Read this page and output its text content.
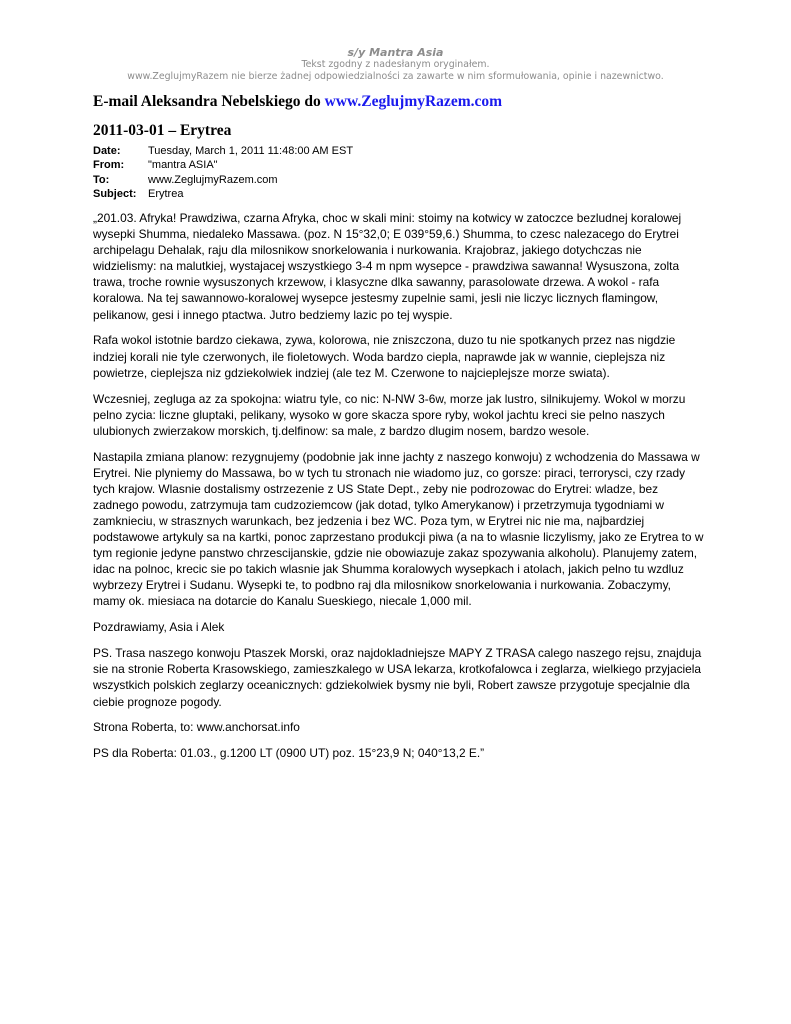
s/y Mantra Asia
Tekst zgodny z nadesłanym oryginałem.
www.ZeglujmyRazem nie bierze żadnej odpowiedzialności za zawarte w nim sformułowania, opinie i nazewnictwo.
E-mail Aleksandra Nebelskiego do www.ZeglujmyRazem.com
2011-03-01 – Erytrea
Date:	Tuesday, March 1, 2011 11:48:00 AM EST
From:	"mantra ASIA"
To:	www.ZeglujmyRazem.com
Subject:	Erytrea

„201.03. Afryka! Prawdziwa, czarna Afryka, choc w skali mini: stoimy na kotwicy w zatoczce bezludnej koralowej wysepki Shumma, niedaleko Massawa. (poz. N 15°32,0; E 039°59,6.) Shumma, to czesc nalezacego do Erytrei archipelagu Dehalak, raju dla milosnikow snorkelowania i nurkowania. Krajobraz, jakiego dotychczas nie widzielismy: na malutkiej, wystajacej wszystkiego 3-4 m npm wysepce - prawdziwa sawanna! Wysuszona, zolta trawa, troche rownie wysuszonych krzewow, i klasyczne dlka sawanny, parasolowate drzewa. A wokol - rafa koralowa. Na tej sawannowo-koralowej wysepce jestesmy zupelnie sami, jesli nie liczyc licznych flamingow, pelikanow, gesi i innego ptactwa. Jutro bedziemy lazic po tej wyspie.

Rafa wokol istotnie bardzo ciekawa, zywa, kolorowa, nie zniszczona, duzo tu nie spotkanych przez nas nigdzie indziej korali nie tyle czerwonych, ile fioletowych. Woda bardzo ciepla, naprawde jak w wannie, cieplejsza niz powietrze, cieplejsza niz gdziekolwiek indziej (ale tez M. Czerwone to najcieplejsze morze swiata).

Wczesniej, zegluga az za spokojna: wiatru tyle, co nic: N-NW 3-6w, morze jak lustro, silnikujemy. Wokol w morzu pelno zycia: liczne gluptaki, pelikany, wysoko w gore skacza spore ryby, wokol jachtu kreci sie pelno naszych ulubionych zwierzakow morskich, tj.delfinow: sa male, z bardzo dlugim nosem, bardzo wesole.

Nastapila zmiana planow: rezygnujemy (podobnie jak inne jachty z naszego konwoju) z wchodzenia do Massawa w Erytrei. Nie plyniemy do Massawa, bo w tych tu stronach nie wiadomo juz, co gorsze: piraci, terrorysci, czy rzady tych krajow. Wlasnie dostalismy ostrzezenie z US State Dept., zeby nie podrozowac do Erytrei: wladze, bez zadnego powodu, zatrzymuja tam cudzoziemcow (jak dotad, tylko Amerykanow) i przetrzymuja tygodniami w zamknieciu, w strasznych warunkach, bez jedzenia i bez WC. Poza tym, w Erytrei nic nie ma, najbardziej podstawowe artykuly sa na kartki, ponoc zaprzestano produkcji piwa (a na to wlasnie liczylismy, jako ze Erytrea to w tym regionie jedyne panstwo chrzescijanskie, gdzie nie obowiazuje zakaz spozywania alkoholu). Planujemy zatem, idac na polnoc, krecic sie po takich wlasnie jak Shumma koralowych wysepkach i atolach, jakich pelno tu wzdluz wybrzezy Erytrei i Sudanu. Wysepki te, to podbno raj dla milosnikow snorkelowania i nurkowania. Zobaczymy, mamy ok. miesiaca na dotarcie do Kanalu Sueskiego, niecale 1,000 mil.

Pozdrawiamy, Asia i Alek

PS. Trasa naszego konwoju Ptaszek Morski, oraz najdokladniejsze MAPY Z TRASA calego naszego rejsu, znajduja sie na stronie Roberta Krasowskiego, zamieszkalego w USA lekarza, krotkofalowca i zeglarza, wielkiego przyjaciela wszystkich polskich zeglarzy oceanicznych: gdziekolwiek bysmy nie byli, Robert zawsze przygotuje specjalnie dla ciebie prognoze pogody.

Strona Roberta, to: www.anchorsat.info

PS dla Roberta: 01.03., g.1200 LT (0900 UT) poz. 15°23,9 N; 040°13,2 E.”
